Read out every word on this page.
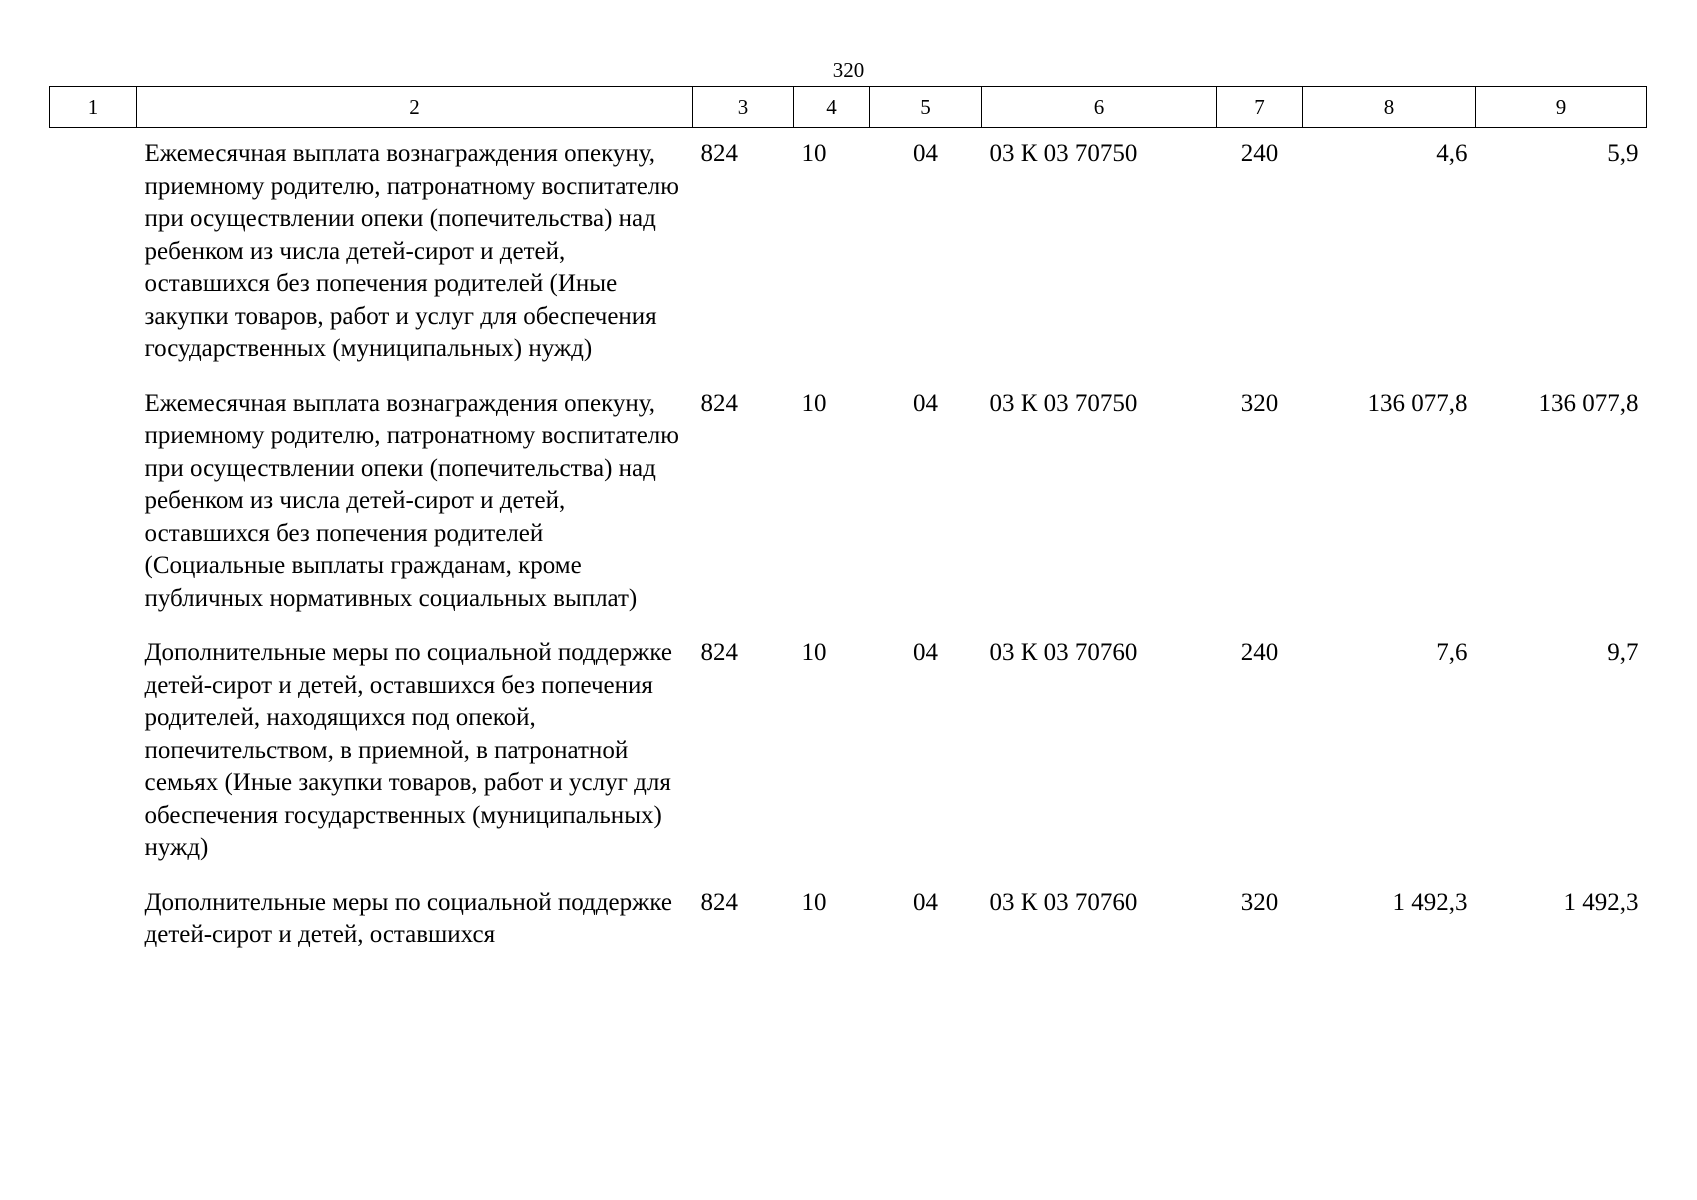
320
1	2	3	4	5	6	7	8	9
	Ежемесячная выплата вознаграждения опекуну, приемному родителю, патронатному воспитателю при осуществлении опеки (попечительства) над ребенком из числа детей-сирот и детей, оставшихся без попечения родителей (Иные закупки товаров, работ и услуг для обеспечения государственных (муниципальных) нужд)	824	10	04	03 К 03 70750	240	4,6	5,9
	Ежемесячная выплата вознаграждения опекуну, приемному родителю, патронатному воспитателю при осуществлении опеки (попечительства) над ребенком из числа детей-сирот и детей, оставшихся без попечения родителей (Социальные выплаты гражданам, кроме публичных нормативных социальных выплат)	824	10	04	03 К 03 70750	320	136 077,8	136 077,8
	Дополнительные меры по социальной поддержке детей-сирот и детей, оставшихся без попечения родителей, находящихся под опекой, попечительством, в приемной, в патронатной семьях (Иные закупки товаров, работ и услуг для обеспечения государственных (муниципальных) нужд)	824	10	04	03 К 03 70760	240	7,6	9,7
	Дополнительные меры по социальной поддержке детей-сирот и детей, оставшихся	824	10	04	03 К 03 70760	320	1 492,3	1 492,3
